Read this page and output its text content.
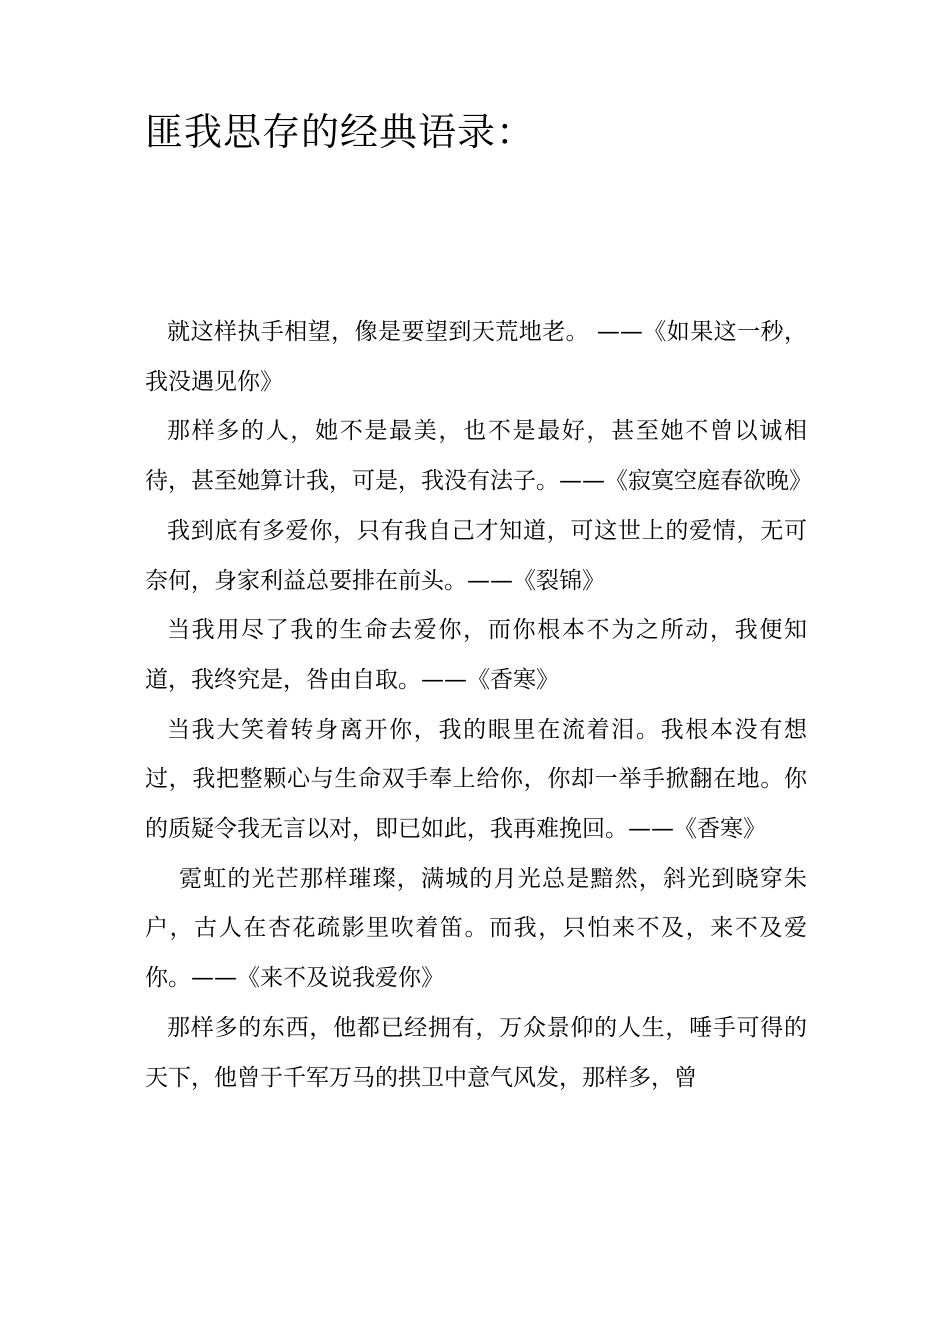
匪我思存的经典语录：

就这样执手相望，像是要望到天荒地老。 ——《如果这一秒，我没遇见你》

那样多的人，她不是最美，也不是最好，甚至她不曾以诚相待，甚至她算计我，可是，我没有法子。——《寂寞空庭春欲晚》

我到底有多爱你，只有我自己才知道，可这世上的爱情，无可奈何，身家利益总要排在前头。——《裂锦》

当我用尽了我的生命去爱你，而你根本不为之所动，我便知道，我终究是，咎由自取。——《香寒》

当我大笑着转身离开你，我的眼里在流着泪。我根本没有想过，我把整颗心与生命双手奉上给你，你却一举手掀翻在地。你的质疑令我无言以对，即已如此，我再难挽回。——《香寒》

霓虹的光芒那样璀璨，满城的月光总是黯然，斜光到晓穿朱户，古人在杏花疏影里吹着笛。而我，只怕来不及，来不及爱你。——《来不及说我爱你》

那样多的东西，他都已经拥有，万众景仰的人生，唾手可得的天下，他曾于千军万马的拱卫中意气风发，那样多，曾
